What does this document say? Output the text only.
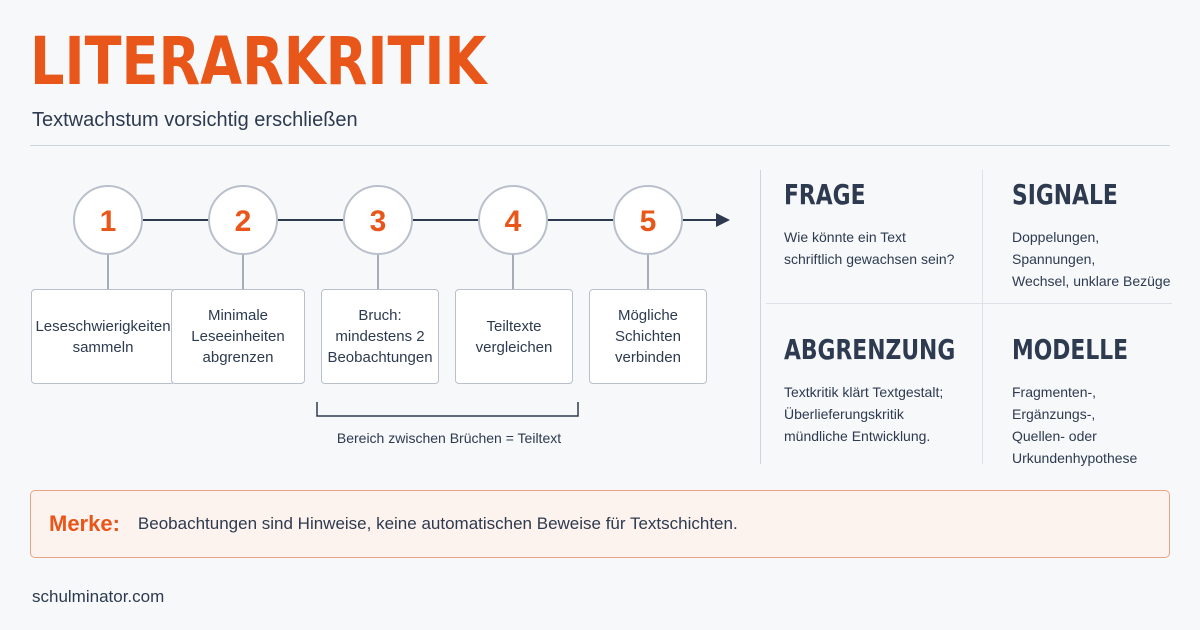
LITERARKRITIK
Textwachstum vorsichtig erschließen
1	2	3	4	5
Leseschwierigkeiten
sammeln
Minimale
Leseeinheiten
abgrenzen
Bruch:
mindestens 2
Beobachtungen
Teiltexte
vergleichen
Mögliche
Schichten
verbinden
Bereich zwischen Brüchen = Teiltext
FRAGE
Wie könnte ein Text
schriftlich gewachsen sein?
SIGNALE
Doppelungen, Spannungen,
Wechsel, unklare Bezüge
ABGRENZUNG
Textkritik klärt Textgestalt;
Überlieferungskritik
mündliche Entwicklung.
MODELLE
Fragmenten-, Ergänzungs-,
Quellen- oder
Urkundenhypothese
Merke: Beobachtungen sind Hinweise, keine automatischen Beweise für Textschichten.
schulminator.com
